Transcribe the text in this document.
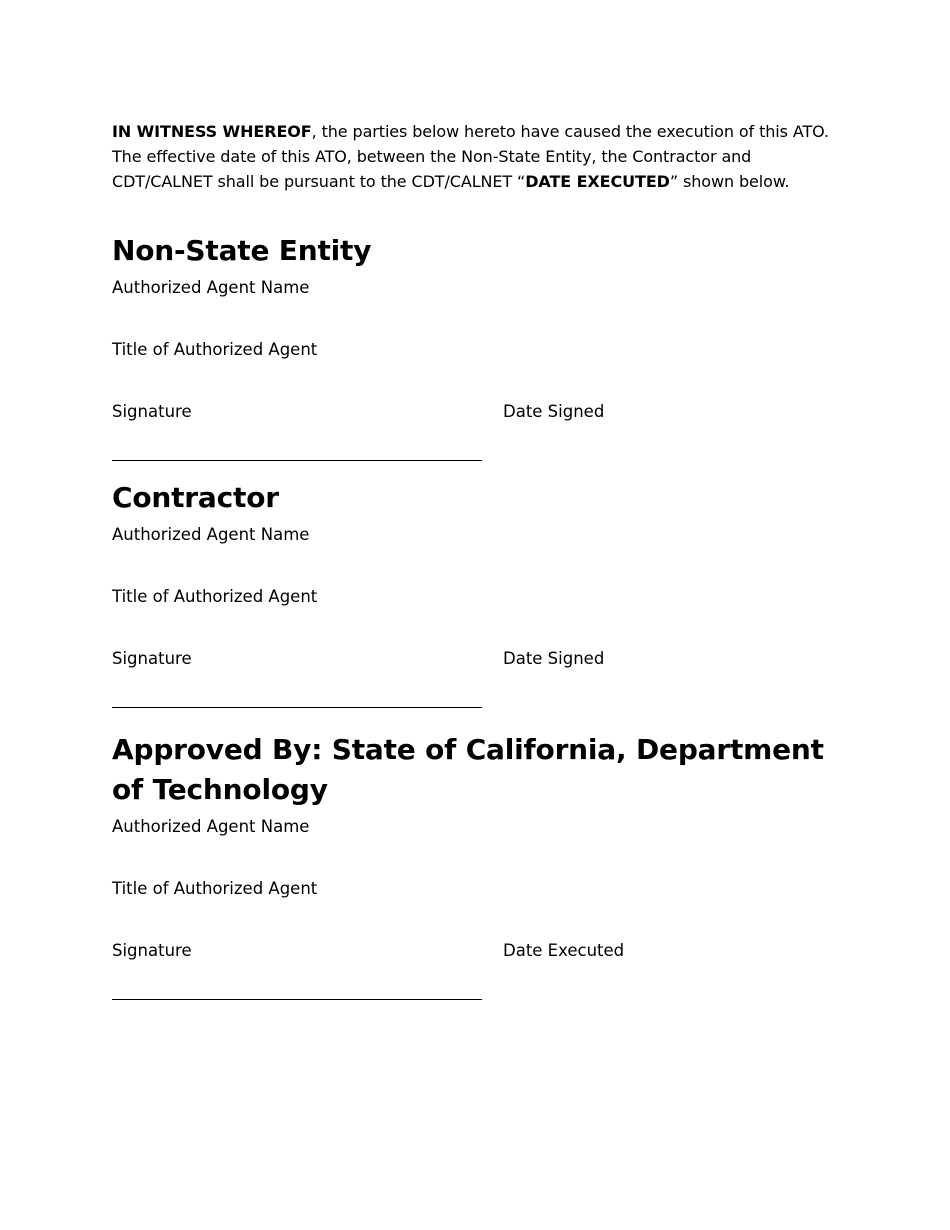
IN WITNESS WHEREOF, the parties below hereto have caused the execution of this ATO. The effective date of this ATO, between the Non-State Entity, the Contractor and CDT/CALNET shall be pursuant to the CDT/CALNET “DATE EXECUTED” shown below.

Non-State Entity

Authorized Agent Name

Title of Authorized Agent

Signature	Date Signed
Contractor

Authorized Agent Name

Title of Authorized Agent

Signature	Date Signed
Approved By: State of California, Department of Technology

Authorized Agent Name

Title of Authorized Agent

Signature	Date Executed
